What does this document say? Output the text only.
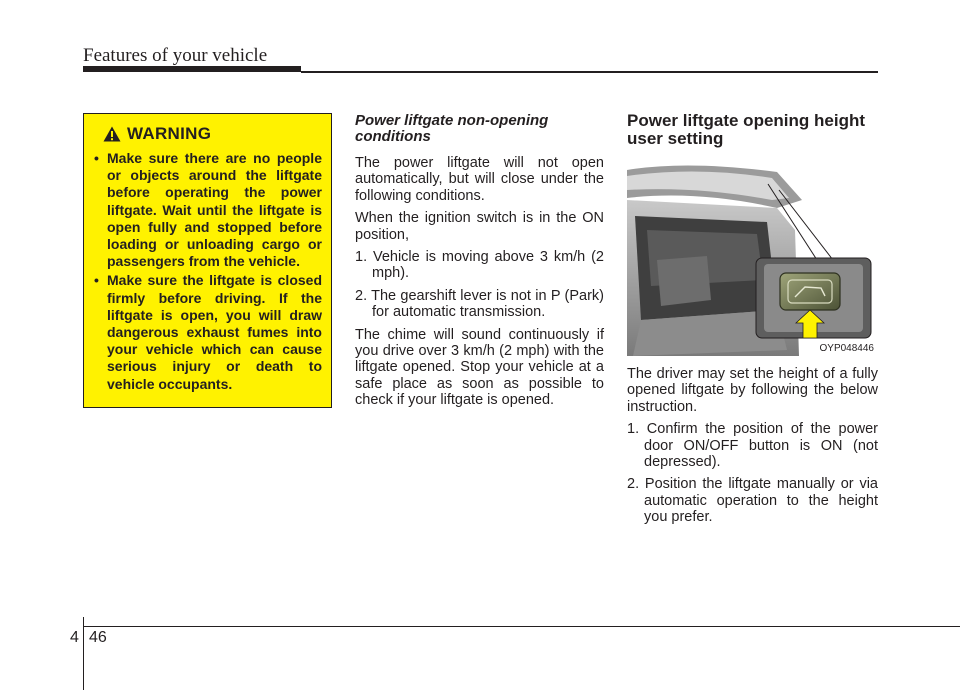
Features of your vehicle
WARNING
• Make sure there are no people or objects around the liftgate before operating the power liftgate. Wait until the liftgate is open fully and stopped before loading or unloading cargo or passengers from the vehicle.
• Make sure the liftgate is closed firmly before driving. If the liftgate is open, you will draw dangerous exhaust fumes into your vehicle which can cause serious injury or death to vehicle occupants.
Power liftgate non-opening conditions

The power liftgate will not open automatically, but will close under the following conditions.

When the ignition switch is in the ON position,

1. Vehicle is moving above 3 km/h (2 mph).
2. The gearshift lever is not in P (Park) for automatic transmission.

The chime will sound continuously if you drive over 3 km/h (2 mph) with the liftgate opened. Stop your vehicle at a safe place as soon as possible to check if your liftgate is opened.

Power liftgate opening height user setting
OYP048446

The driver may set the height of a fully opened liftgate by following the below instruction.

1. Confirm the position of the power door ON/OFF button is ON (not depressed).
2. Position the liftgate manually or via automatic operation to the height you prefer.
4 46
